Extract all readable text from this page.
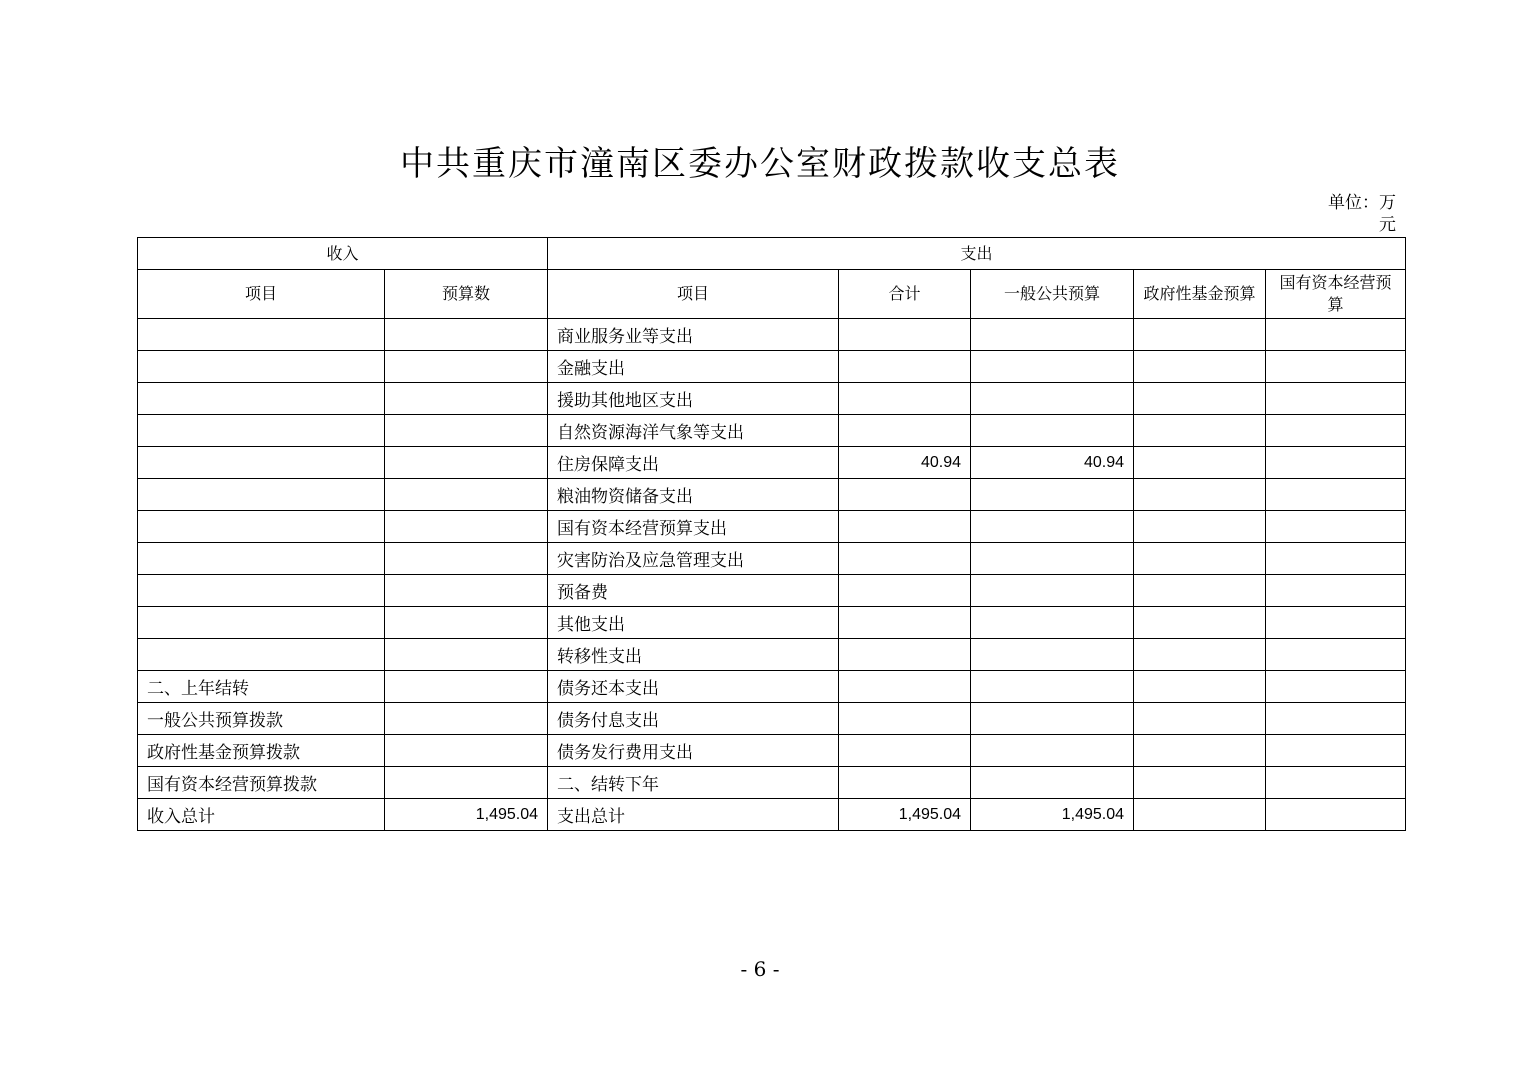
中共重庆市潼南区委办公室财政拨款收支总表
单位：万
元
收入		支出				
项目	预算数	项目	合计	一般公共预算	政府性基金预算	国有资本经营预算
		商业服务业等支出				
		金融支出				
		援助其他地区支出				
		自然资源海洋气象等支出				
		住房保障支出	40.94	40.94		
		粮油物资储备支出				
		国有资本经营预算支出				
		灾害防治及应急管理支出				
		预备费				
		其他支出				
		转移性支出				
二、上年结转		债务还本支出				
一般公共预算拨款		债务付息支出				
政府性基金预算拨款		债务发行费用支出				
国有资本经营预算拨款		二、结转下年				
收入总计	1,495.04	支出总计	1,495.04	1,495.04		
- 6 -
